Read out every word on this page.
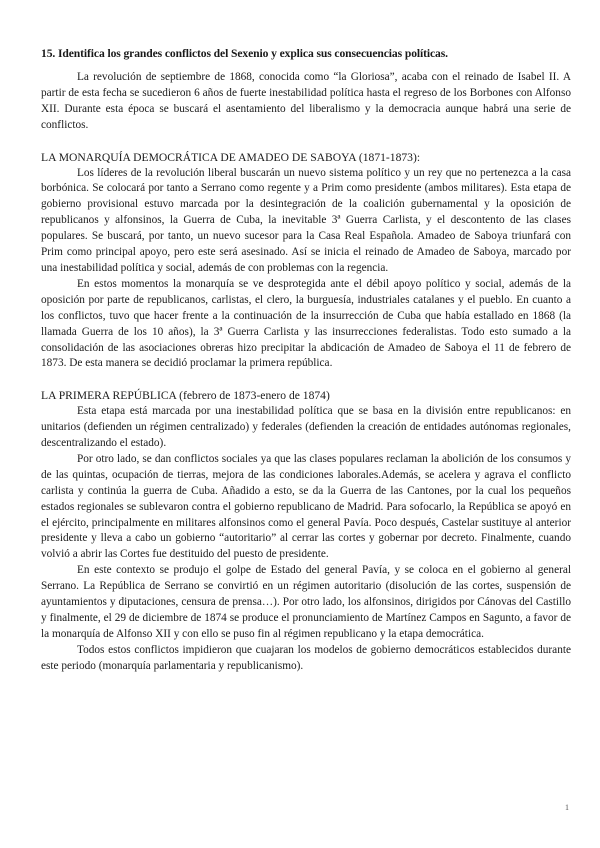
15. Identifica los grandes conflictos del Sexenio y explica sus consecuencias políticas.

La revolución de septiembre de 1868, conocida como “la Gloriosa”, acaba con el reinado de Isabel II. A partir de esta fecha se sucedieron 6 años de fuerte inestabilidad política hasta el regreso de los Borbones con Alfonso XII. Durante esta época se buscará el asentamiento del liberalismo y la democracia aunque habrá una serie de conflictos.

LA MONARQUÍA DEMOCRÁTICA DE AMADEO DE SABOYA (1871-1873):

Los líderes de la revolución liberal buscarán un nuevo sistema político y un rey que no pertenezca a la casa borbónica. Se colocará por tanto a Serrano como regente y a Prim como presidente (ambos militares). Esta etapa de gobierno provisional estuvo marcada por la desintegración de la coalición gubernamental y la oposición de republicanos y alfonsinos, la Guerra de Cuba, la inevitable 3ª Guerra Carlista, y el descontento de las clases populares. Se buscará, por tanto, un nuevo sucesor para la Casa Real Española. Amadeo de Saboya triunfará con Prim como principal apoyo, pero este será asesinado. Así se inicia el reinado de Amadeo de Saboya, marcado por una inestabilidad política y social, además de con problemas con la regencia.

En estos momentos la monarquía se ve desprotegida ante el débil apoyo político y social, además de la oposición por parte de republicanos, carlistas, el clero, la burguesía, industriales catalanes y el pueblo. En cuanto a los conflictos, tuvo que hacer frente a la continuación de la insurrección de Cuba que había estallado en 1868 (la llamada Guerra de los 10 años), la 3ª Guerra Carlista y las insurrecciones federalistas. Todo esto sumado a la consolidación de las asociaciones obreras hizo precipitar la abdicación de Amadeo de Saboya el 11 de febrero de 1873. De esta manera se decidió proclamar la primera república.

LA PRIMERA REPÚBLICA (febrero de 1873-enero de 1874)

Esta etapa está marcada por una inestabilidad política que se basa en la división entre republicanos: en unitarios (defienden un régimen centralizado) y federales (defienden la creación de entidades autónomas regionales, descentralizando el estado).

Por otro lado, se dan conflictos sociales ya que las clases populares reclaman la abolición de los consumos y de las quintas, ocupación de tierras, mejora de las condiciones laborales.Además, se acelera y agrava el conflicto carlista y continúa la guerra de Cuba. Añadido a esto, se da la Guerra de las Cantones, por la cual los pequeños estados regionales se sublevaron contra el gobierno republicano de Madrid. Para sofocarlo, la República se apoyó en el ejército, principalmente en militares alfonsinos como el general Pavía. Poco después, Castelar sustituye al anterior presidente y lleva a cabo un gobierno “autoritario” al cerrar las cortes y gobernar por decreto. Finalmente, cuando volvió a abrir las Cortes fue destituido del puesto de presidente.

En este contexto se produjo el golpe de Estado del general Pavía, y se coloca en el gobierno al general Serrano. La República de Serrano se convirtió en un régimen autoritario (disolución de las cortes, suspensión de ayuntamientos y diputaciones, censura de prensa…). Por otro lado, los alfonsinos, dirigidos por Cánovas del Castillo y finalmente, el 29 de diciembre de 1874 se produce el pronunciamiento de Martínez Campos en Sagunto, a favor de la monarquía de Alfonso XII y con ello se puso fin al régimen republicano y la etapa democrática.

Todos estos conflictos impidieron que cuajaran los modelos de gobierno democráticos establecidos durante este periodo (monarquía parlamentaria y republicanismo).

1
